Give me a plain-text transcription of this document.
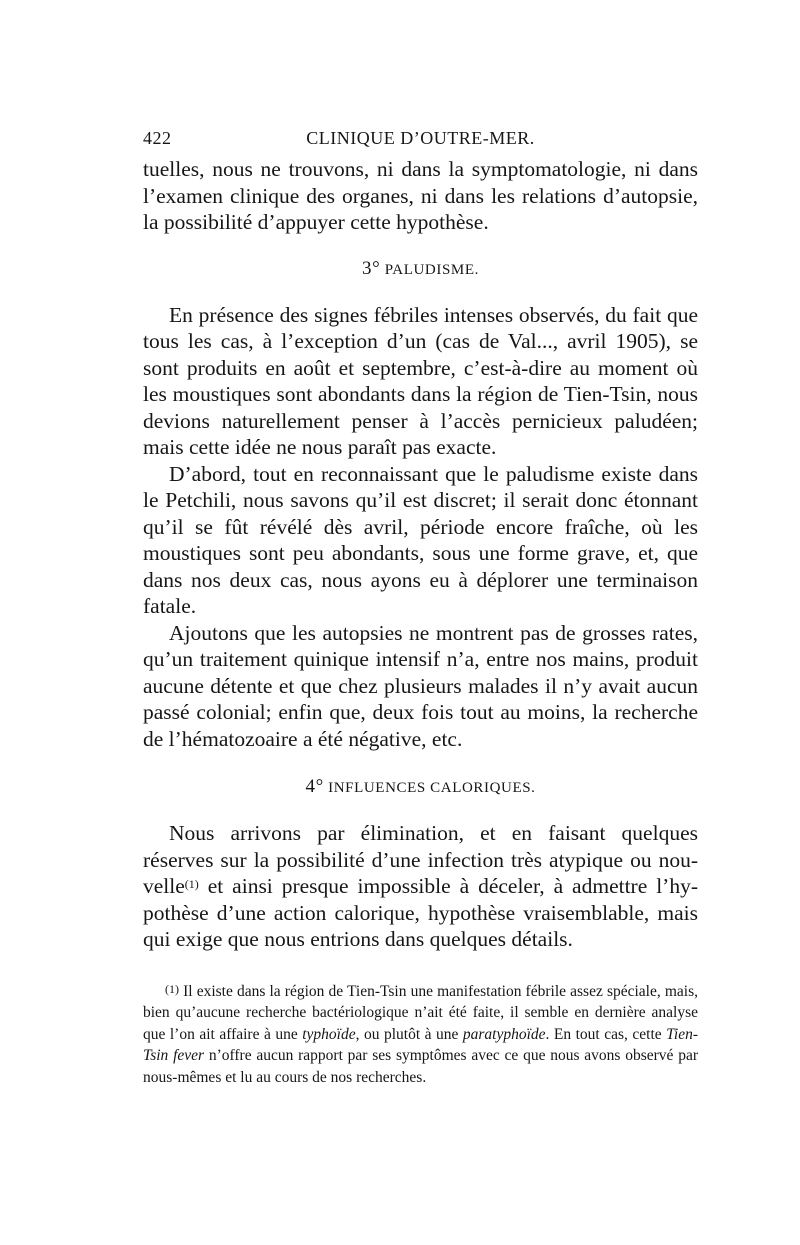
422	CLINIQUE D’OUTRE-MER.

tuelles, nous ne trouvons, ni dans la symptomatologie, ni dans l’examen clinique des organes, ni dans les relations d’autopsie, la possibilité d’appuyer cette hypothèse.

3° PALUDISME.

En présence des signes fébriles intenses observés, du fait que tous les cas, à l’exception d’un (cas de Val..., avril 1905), se sont produits en août et septembre, c’est-à-dire au moment où les moustiques sont abondants dans la région de Tien-Tsin, nous devions naturellement penser à l’accès pernicieux paludéen; mais cette idée ne nous paraît pas exacte.

D’abord, tout en reconnaissant que le paludisme existe dans le Petchili, nous savons qu’il est discret; il serait donc étonnant qu’il se fût révélé dès avril, période encore fraîche, où les moustiques sont peu abondants, sous une forme grave, et, que dans nos deux cas, nous ayons eu à déplorer une terminaison fatale.

Ajoutons que les autopsies ne montrent pas de grosses rates, qu’un traitement quinique intensif n’a, entre nos mains, produit aucune détente et que chez plusieurs malades il n’y avait aucun passé colonial; enfin que, deux fois tout au moins, la recherche de l’hématozoaire a été négative, etc.

4° INFLUENCES CALORIQUES.

Nous arrivons par élimination, et en faisant quelques réserves sur la possibilité d’une infection très atypique ou nouvelle$^{(1)}$ et ainsi presque impossible à déceler, à admettre l’hypothèse d’une action calorique, hypothèse vraisemblable, mais qui exige que nous entrions dans quelques détails.

$^{(1)}$ Il existe dans la région de Tien-Tsin une manifestation fébrile assez spéciale, mais, bien qu’aucune recherche bactériologique n’ait été faite, il semble en dernière analyse que l’on ait affaire à une typhoïde, ou plutôt à une paratyphoïde. En tout cas, cette Tien-Tsin fever n’offre aucun rapport par ses symptômes avec ce que nous avons observé par nous-mêmes et lu au cours de nos recherches.
